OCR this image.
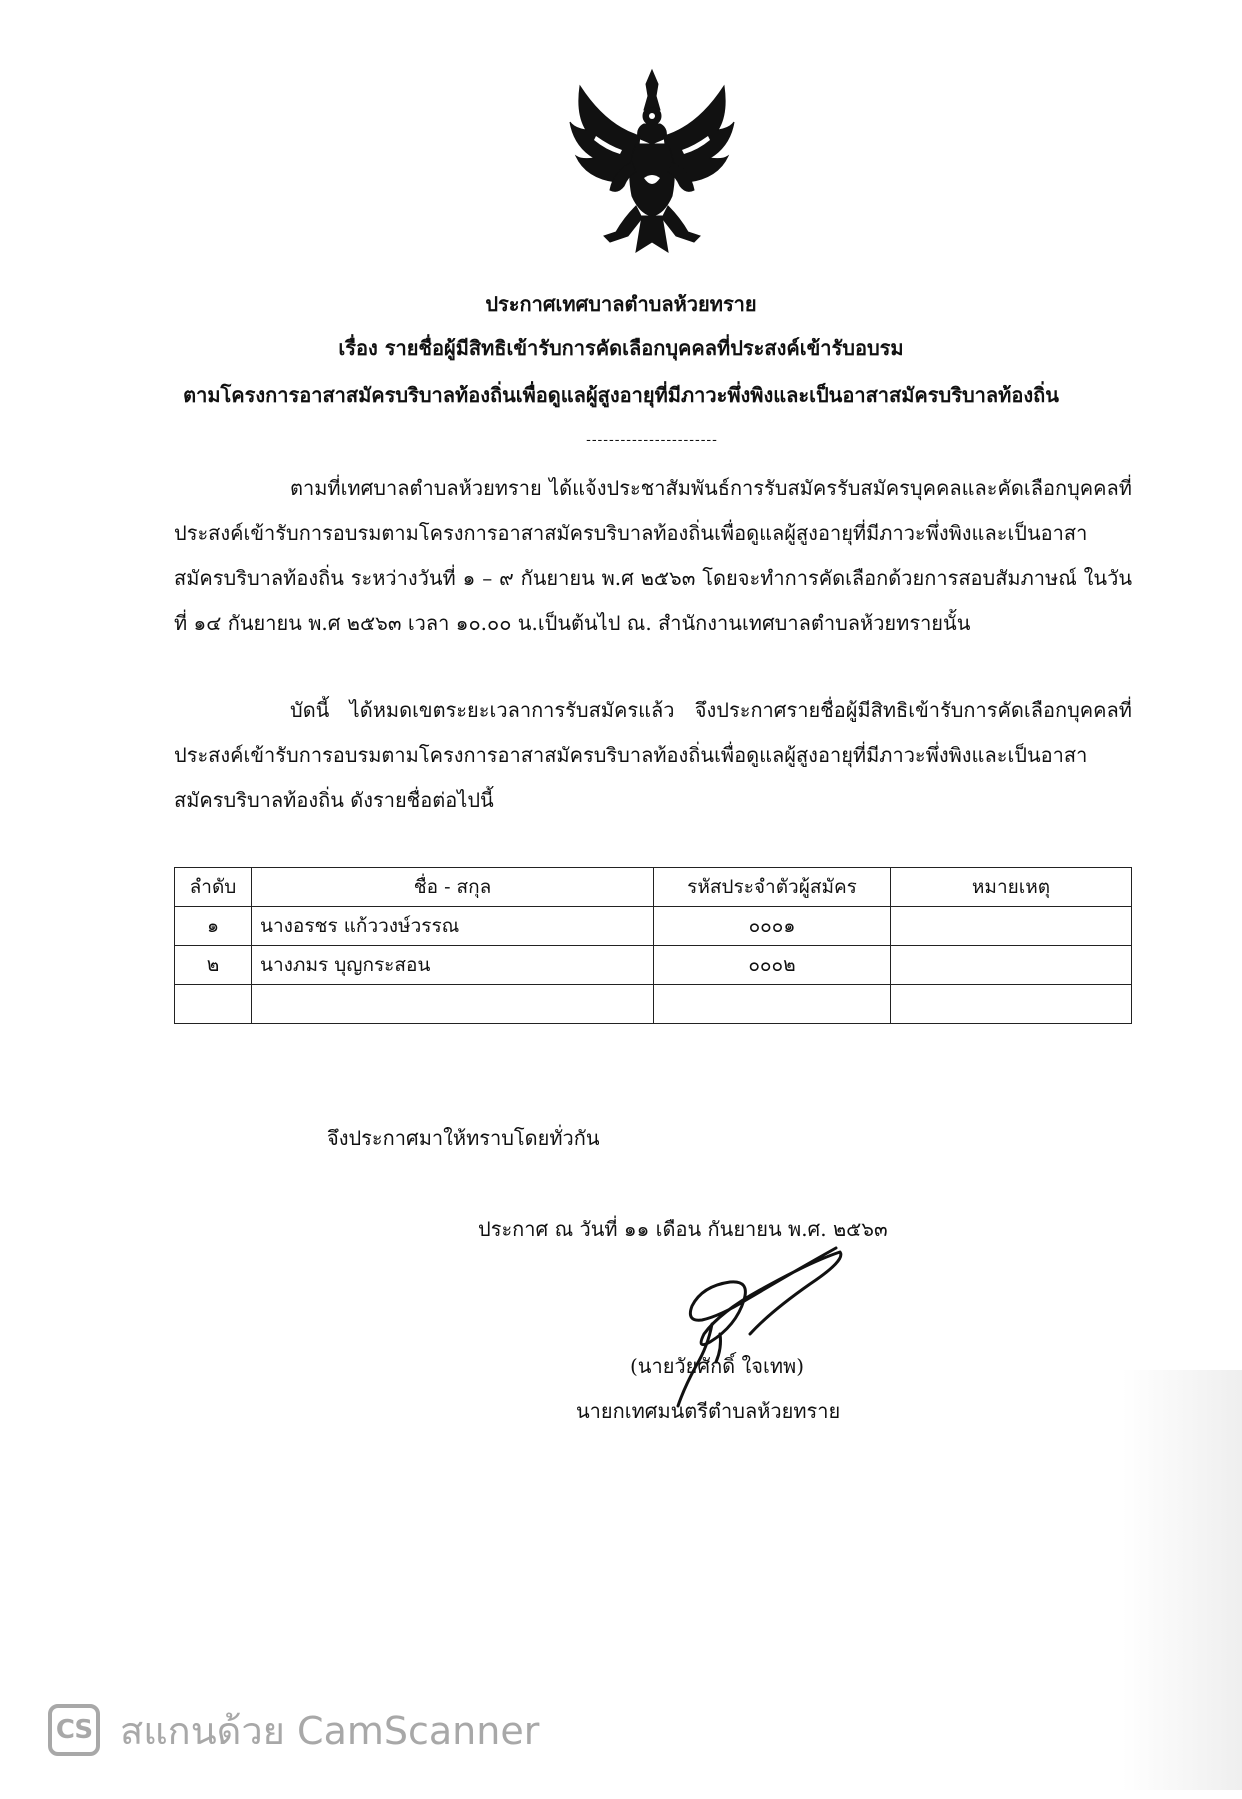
ประกาศเทศบาลตำบลห้วยทราย

เรื่อง รายชื่อผู้มีสิทธิเข้ารับการคัดเลือกบุคคลที่ประสงค์เข้ารับอบรม

ตามโครงการอาสาสมัครบริบาลท้องถิ่นเพื่อดูแลผู้สูงอายุที่มีภาวะพึ่งพิงและเป็นอาสาสมัครบริบาลท้องถิ่น

-----------------------

ตามที่เทศบาลตำบลห้วยทราย ได้แจ้งประชาสัมพันธ์การรับสมัครรับสมัครบุคคลและคัดเลือกบุคคลที่ประสงค์เข้ารับการอบรมตามโครงการอาสาสมัครบริบาลท้องถิ่นเพื่อดูแลผู้สูงอายุที่มีภาวะพึ่งพิงและเป็นอาสาสมัครบริบาลท้องถิ่น ระหว่างวันที่ ๑ – ๙ กันยายน พ.ศ ๒๕๖๓ โดยจะทำการคัดเลือกด้วยการสอบสัมภาษณ์ ในวันที่ ๑๔ กันยายน พ.ศ ๒๕๖๓ เวลา ๑๐.๐๐ น.เป็นต้นไป ณ. สำนักงานเทศบาลตำบลห้วยทรายนั้น

บัดนี้ ได้หมดเขตระยะเวลาการรับสมัครแล้ว จึงประกาศรายชื่อผู้มีสิทธิเข้ารับการคัดเลือกบุคคลที่ประสงค์เข้ารับการอบรมตามโครงการอาสาสมัครบริบาลท้องถิ่นเพื่อดูแลผู้สูงอายุที่มีภาวะพึ่งพิงและเป็นอาสาสมัครบริบาลท้องถิ่น ดังรายชื่อต่อไปนี้

ลำดับ	ชื่อ - สกุล	รหัสประจำตัวผู้สมัคร	หมายเหตุ
๑	นางอรชร แก้ววงษ์วรรณ	๐๐๐๑	
๒	นางภมร บุญกระสอน	๐๐๐๒	

จึงประกาศมาให้ทราบโดยทั่วกัน

ประกาศ ณ วันที่ ๑๑ เดือน กันยายน พ.ศ. ๒๕๖๓

(นายวัยศักดิ์ ใจเทพ)

นายกเทศมนตรีตำบลห้วยทราย

CS สแกนด้วย CamScanner
